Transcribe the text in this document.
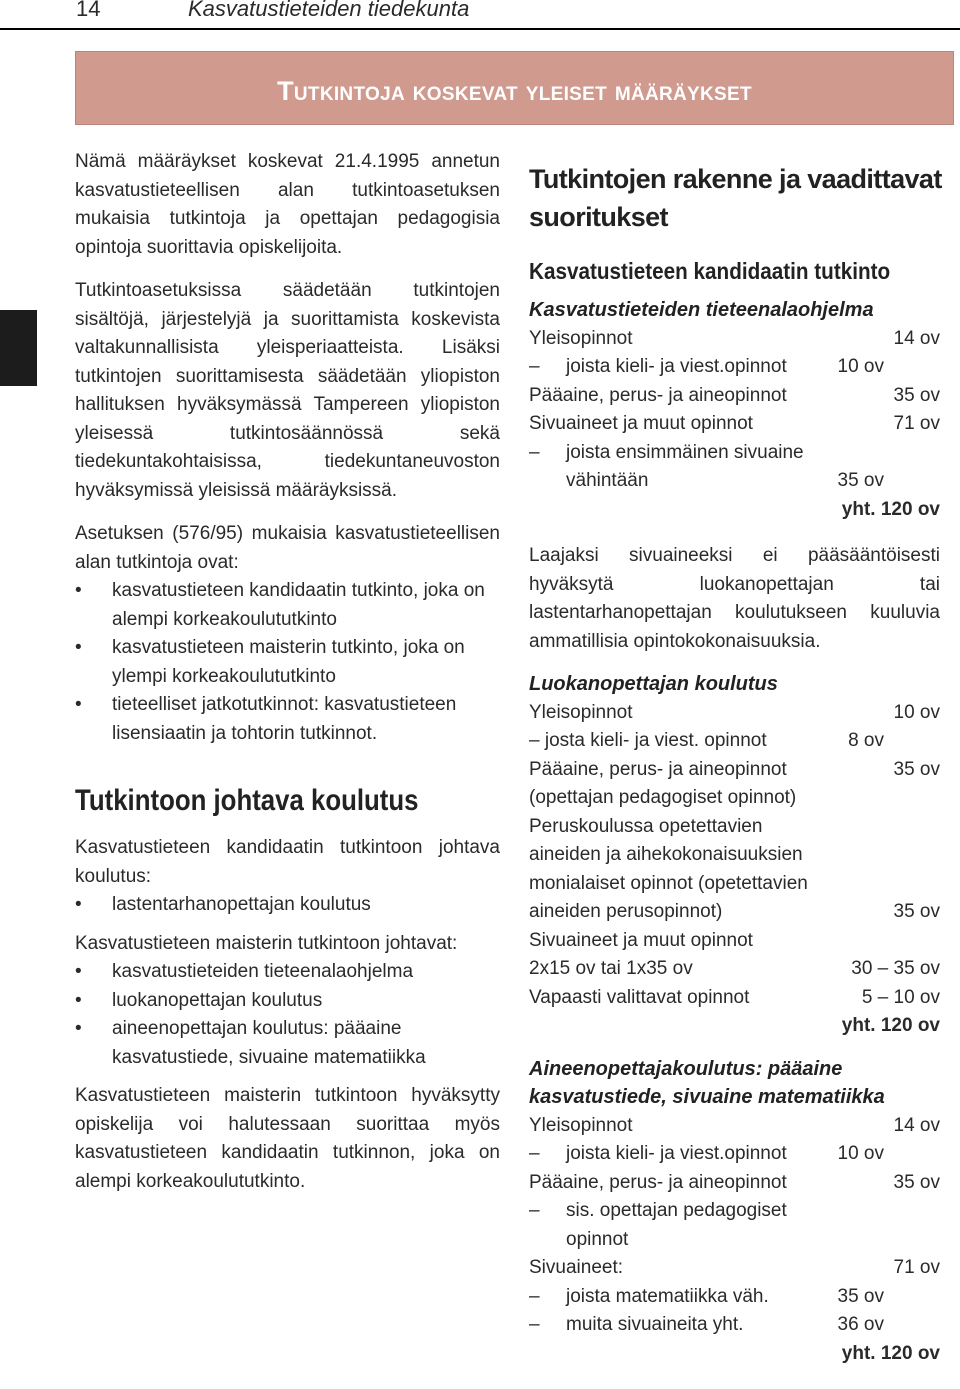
14	Kasvatustieteiden tiedekunta
Tutkintoja koskevat yleiset määräykset

Nämä määräykset koskevat 21.4.1995 annetun kasvatustieteellisen alan tutkintoasetuksen mukaisia tutkintoja ja opettajan pedagogisia opintoja suorittavia opiskelijoita.

Tutkintoasetuksissa säädetään tutkintojen sisältöjä, järjestelyjä ja suorittamista koskevista valtakunnallisista yleisperiaatteista. Lisäksi tutkintojen suorittamisesta säädetään yliopiston hallituksen hyväksymässä Tampereen yliopiston yleisessä tutkintosäännössä sekä tiedekuntakohtaisissa, tiedekuntaneuvoston hyväksymissä yleisissä määräyksissä.

Asetuksen (576/95) mukaisia kasvatustieteellisen alan tutkintoja ovat:

• kasvatustieteen kandidaatin tutkinto, joka on alempi korkeakoulututkinto
• kasvatustieteen maisterin tutkinto, joka on ylempi korkeakoulututkinto
• tieteelliset jatkotutkinnot: kasvatustieteen lisensiaatin ja tohtorin tutkinnot.
Tutkintoon johtava koulutus

Kasvatustieteen kandidaatin tutkintoon johtava koulutus:

• lastentarhanopettajan koulutus

Kasvatustieteen maisterin tutkintoon johtavat:

• kasvatustieteiden tieteenalaohjelma
• luokanopettajan koulutus
• aineenopettajan koulutus: pääaine kasvatustiede, sivuaine matematiikka

Kasvatustieteen maisterin tutkintoon hyväksytty opiskelija voi halutessaan suorittaa myös kasvatustieteen kandidaatin tutkinnon, joka on alempi korkeakoulututkinto.

Tutkintojen rakenne ja vaadittavat suoritukset
Kasvatustieteen kandidaatin tutkinto
Kasvatustieteiden tieteenalaohjelma
Yleisopinnot	14 ov
– joista kieli- ja viest.opinnot	10 ov
Pääaine, perus- ja aineopinnot	35 ov
Sivuaineet ja muut opinnot	71 ov
– joista ensimmäinen sivuaine
vähintään	35 ov
yht. 120 ov

Laajaksi sivuaineeksi ei pääsääntöisesti hyväksytä luokanopettajan tai lastentarhanopettajan koulutukseen kuuluvia ammatillisia opintokokonaisuuksia.

Luokanopettajan koulutus
Yleisopinnot	10 ov
– josta kieli- ja viest. opinnot	8 ov
Pääaine, perus- ja aineopinnot	35 ov
(opettajan pedagogiset opinnot)
Peruskoulussa opetettavien
aineiden ja aihekokonaisuuksien
monialaiset opinnot (opetettavien
aineiden perusopinnot)	35 ov
Sivuaineet ja muut opinnot
2x15 ov tai 1x35 ov	30 – 35 ov
Vapaasti valittavat opinnot	5 – 10 ov
yht. 120 ov
Aineenopettajakoulutus: pääaine
kasvatustiede, sivuaine matematiikka
Yleisopinnot	14 ov
– joista kieli- ja viest.opinnot	10 ov
Pääaine, perus- ja aineopinnot	35 ov
– sis. opettajan pedagogiset
opinnot
Sivuaineet:	71 ov
– joista matematiikka väh.	35 ov
– muita sivuaineita yht.	36 ov
yht. 120 ov
